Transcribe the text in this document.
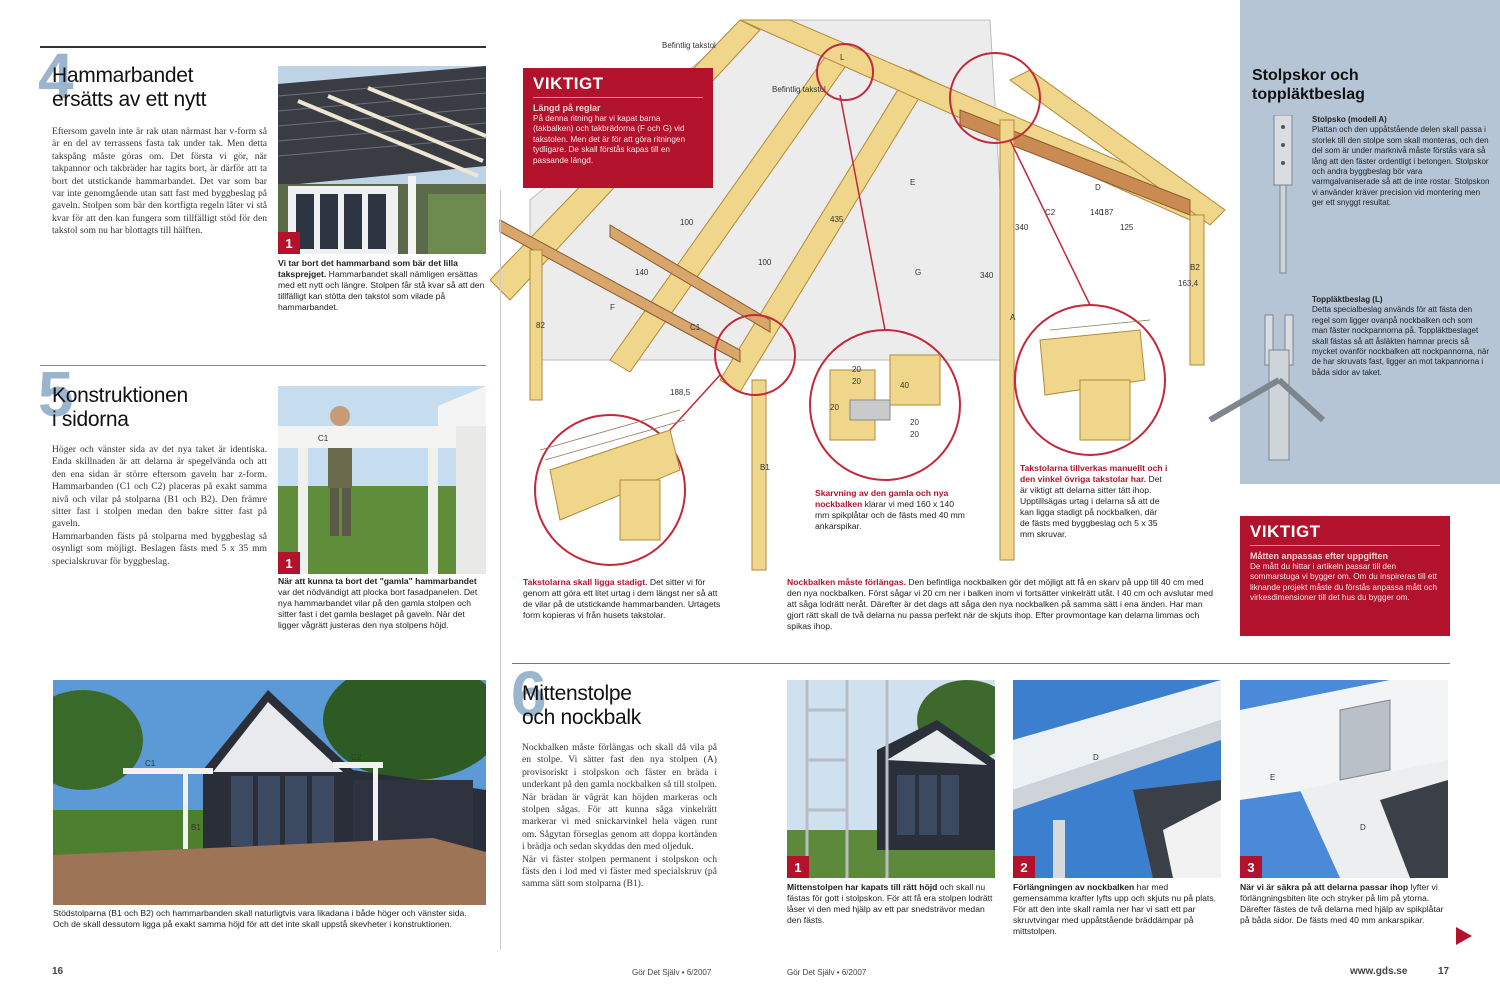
4
Hammarbandet
ersätts av ett nytt
Eftersom gaveln inte är rak utan närmast har v-form så är en del av terrassens fasta tak under tak. Men detta takspång måste göras om. Det första vi gör, när takpannor och takbräder har tagits bort, är därför att ta bort det utstickande hammarbandet. Det var som bar var inte genomgående utan satt fast med byggbeslag på gaveln. Stolpen som bär den kortfigta regeln låter vi stå kvar för att den kan fungera som tillfälligt stöd för den takstol som nu har blottagts till hälften.
1
Vi tar bort det hammarband som bär det lilla taksprejget. Hammarbandet skall nämligen ersättas med ett nytt och längre. Stolpen får stå kvar så att den tillfälligt kan stötta den takstol som vilade på hammarbandet.
5
Konstruktionen
i sidorna
Höger och vänster sida av det nya taket är identiska. Enda skillnaden är att delarna är spegelvända och att den ena sidan är större eftersom gaveln har z-form. Hammarbanden (C1 och C2) placeras på exakt samma nivå och vilar på stolparna (B1 och B2). Den främre sitter fast i stolpen medan den bakre sitter fast på gaveln.
Hammarbanden fästs på stolparna med byggbeslag så osynligt som möjligt. Beslagen fästs med 5 x 35 mm specialskruvar för byggbeslag.
C1
1
När att kunna ta bort det "gamla" hammarbandet var det nödvändigt att plocka bort fasadpanelen. Det nya hammarbandet vilar på den gamla stolpen och sitter fast i det gamla beslaget på gaveln. När det ligger vågrätt justeras den nya stolpens höjd.
C1
C2
B1	B2
Stödstolparna (B1 och B2) och hammarbanden skall naturligtvis vara likadana i både höger och vänster sida. Och de skall dessutom ligga på exakt samma höjd för att det inte skall uppstå skevheter i konstruktionen.
100
100
140
140
435
125
187
340
340
163,4
188,5
82
Befintlig takstol
Befintlig takstol
C2
C1
B2
B1
A
D
E
F
G
L
20
20	40
20
20
20
VIKTIGT
Längd på reglar
På denna ritning har vi kapat barna (takbalken) och takbrädorna (F och G) vid takstolen. Men det är för att göra ritningen tydligare. De skall förstås kapas till en passande längd.
Takstolarna skall ligga stadigt. Det sitter vi för genom att göra ett litet urtag i dem längst ner så att de vilar på de utstickande hammarbanden. Urtagets form kopieras vi från husets takstolar.
Skarvning av den gamla och nya nockbalken klarar vi med 160 x 140 mm spikplåtar och de fästs med 40 mm ankarspikar.
Takstolarna tillverkas manuellt och i den vinkel övriga takstolar har. Det är viktigt att delarna sitter tätt ihop. Upptillsägas urtag i delarna så att de kan ligga stadigt på nockbalken, där de fästs med byggbeslag och 5 x 35 mm skruvar.
Nockbalken måste förlängas. Den befintliga nockbalken gör det möjligt att få en skarv på upp till 40 cm med den nya nockbalken. Först sågar vi 20 cm ner i balken inom vi fortsätter vinkelrätt utåt. I 40 cm och avslutar med att såga lodrätt neråt. Därefter är det dags att såga den nya nockbalken på samma sätt i ena änden. Har man gjort rätt skall de två delarna nu passa perfekt när de skjuts ihop. Efter provmontage kan delarna limmas och spikas ihop.
Stolpskor och
toppläktbeslag
Stolpsko (modell A)
Plattan och den uppåtstående delen skall passa i storlek till den stolpe som skall monteras, och den del som är under marknivå måste förstås vara så lång att den fäster ordentligt i betongen. Stolpskor och andra byggbeslag bör vara varmgalvaniserade så att de inte rostar. Stolpskon vi använder kräver precision vid montering men ger ett snyggt resultat.
Toppläktbeslag (L)
Detta specialbeslag används för att fästa den regel som ligger ovanpå nockbalken och som man fäster nockpannorna på. Toppläktbeslaget skall fästas så att åsläkten hamnar precis så mycket ovanför nockbalken att nockpannorna, när de har skruvats fast, ligger an mot takpannorna i båda sidor av taket.
VIKTIGT
Måtten anpassas efter uppgiften
De mått du hittar i artikeln passar till den sommarstuga vi bygger om. Om du inspireras till ett liknande projekt måste du förstås anpassa mått och virkesdimensioner till det hus du bygger om.
6
Mittenstolpe
och nockbalk
Nockbalken måste förlängas och skall då vila på en stolpe. Vi sätter fast den nya stolpen (A) provisoriskt i stolpskon och fäster en bräda i underkant på den gamla nockbalken så till stolpen. När brädan är vågrät kan höjden markeras och stolpen sågas. För att kunna såga vinkelrätt markerar vi med snickarvinkel hela vägen runt om. Sågytan förseglas genom att doppa kortänden i brädja och sedan skyddas den med oljeduk.
När vi fäster stolpen permanent i stolpskon och fästs den i lod med vi fäster med specialskruv (på samma sätt som stolparna (B1).
1
Mittenstolpen har kapats till rätt höjd och skall nu fästas för gott i stolpskon. För att få era stolpen lodrätt låser vi den med hjälp av ett par snedsträvor medan den fästs.
D
2
Förlängningen av nockbalken har med gemensamma krafter lyfts upp och skjuts nu på plats. För att den inte skall ramla ner har vi satt ett par skruvtvingar med uppåtstående bräddämpar på mittstolpen.
E
D
3
När vi är säkra på att delarna passar ihop lyfter vi förlängningsbiten lite och stryker på lim på ytorna. Därefter fästes de två delarna med hjälp av spikplåtar på båda sidor. De fästs med 40 mm ankarspikar.
16	Gör Det Själv • 6/2007	Gör Det Själv • 6/2007	www.gds.se	17
